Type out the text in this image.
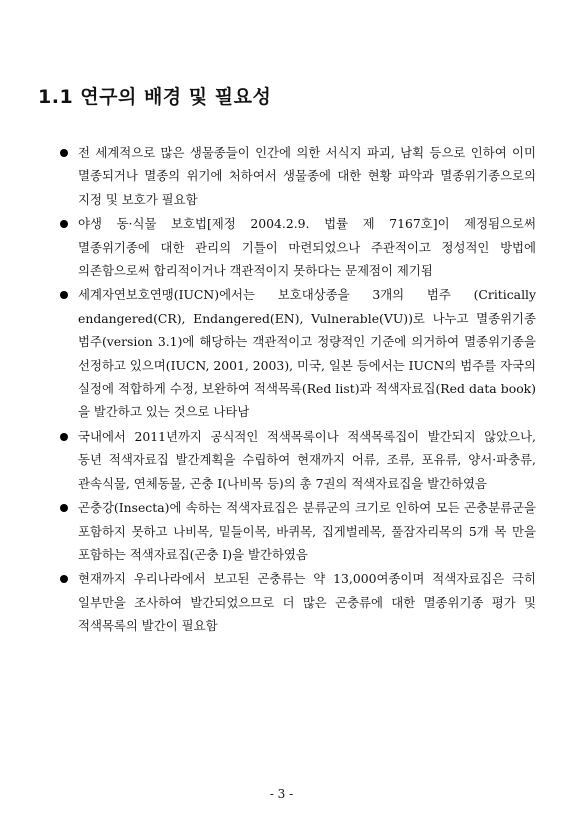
1.1 연구의 배경 및 필요성
전 세계적으로 많은 생물종들이 인간에 의한 서식지 파괴, 남획 등으로 인하여 이미 멸종되거나 멸종의 위기에 처하여서 생물종에 대한 현황 파악과 멸종위기종으로의 지정 및 보호가 필요함
야생 동·식물 보호법[제정 2004.2.9. 법률 제 7167호]이 제정됨으로써 멸종위기종에 대한 관리의 기틀이 마련되었으나 주관적이고 정성적인 방법에 의존함으로써 합리적이거나 객관적이지 못하다는 문제점이 제기됨
세계자연보호연맹(IUCN)에서는 보호대상종을 3개의 범주 (Critically endangered(CR), Endangered(EN), Vulnerable(VU))로 나누고 멸종위기종 범주(version 3.1)에 해당하는 객관적이고 정량적인 기준에 의거하여 멸종위기종을 선정하고 있으며(IUCN, 2001, 2003), 미국, 일본 등에서는 IUCN의 범주를 자국의 실정에 적합하게 수정, 보완하여 적색목록(Red list)과 적색자료집(Red data book)을 발간하고 있는 것으로 나타남
국내에서 2011년까지 공식적인 적색목록이나 적색목록집이 발간되지 않았으나, 동년 적색자료집 발간계획을 수립하여 현재까지 어류, 조류, 포유류, 양서·파충류, 관속식물, 연체동물, 곤충 I(나비목 등)의 총 7권의 적색자료집을 발간하였음
곤충강(Insecta)에 속하는 적색자료집은 분류군의 크기로 인하여 모든 곤충분류군을 포함하지 못하고 나비목, 밑들이목, 바퀴목, 집게벌레목, 풀잠자리목의 5개 목 만을 포함하는 적색자료집(곤충 I)을 발간하였음
현재까지 우리나라에서 보고된 곤충류는 약 13,000여종이며 적색자료집은 극히 일부만을 조사하여 발간되었으므로 더 많은 곤충류에 대한 멸종위기종 평가 및 적색목록의 발간이 필요함
- 3 -
